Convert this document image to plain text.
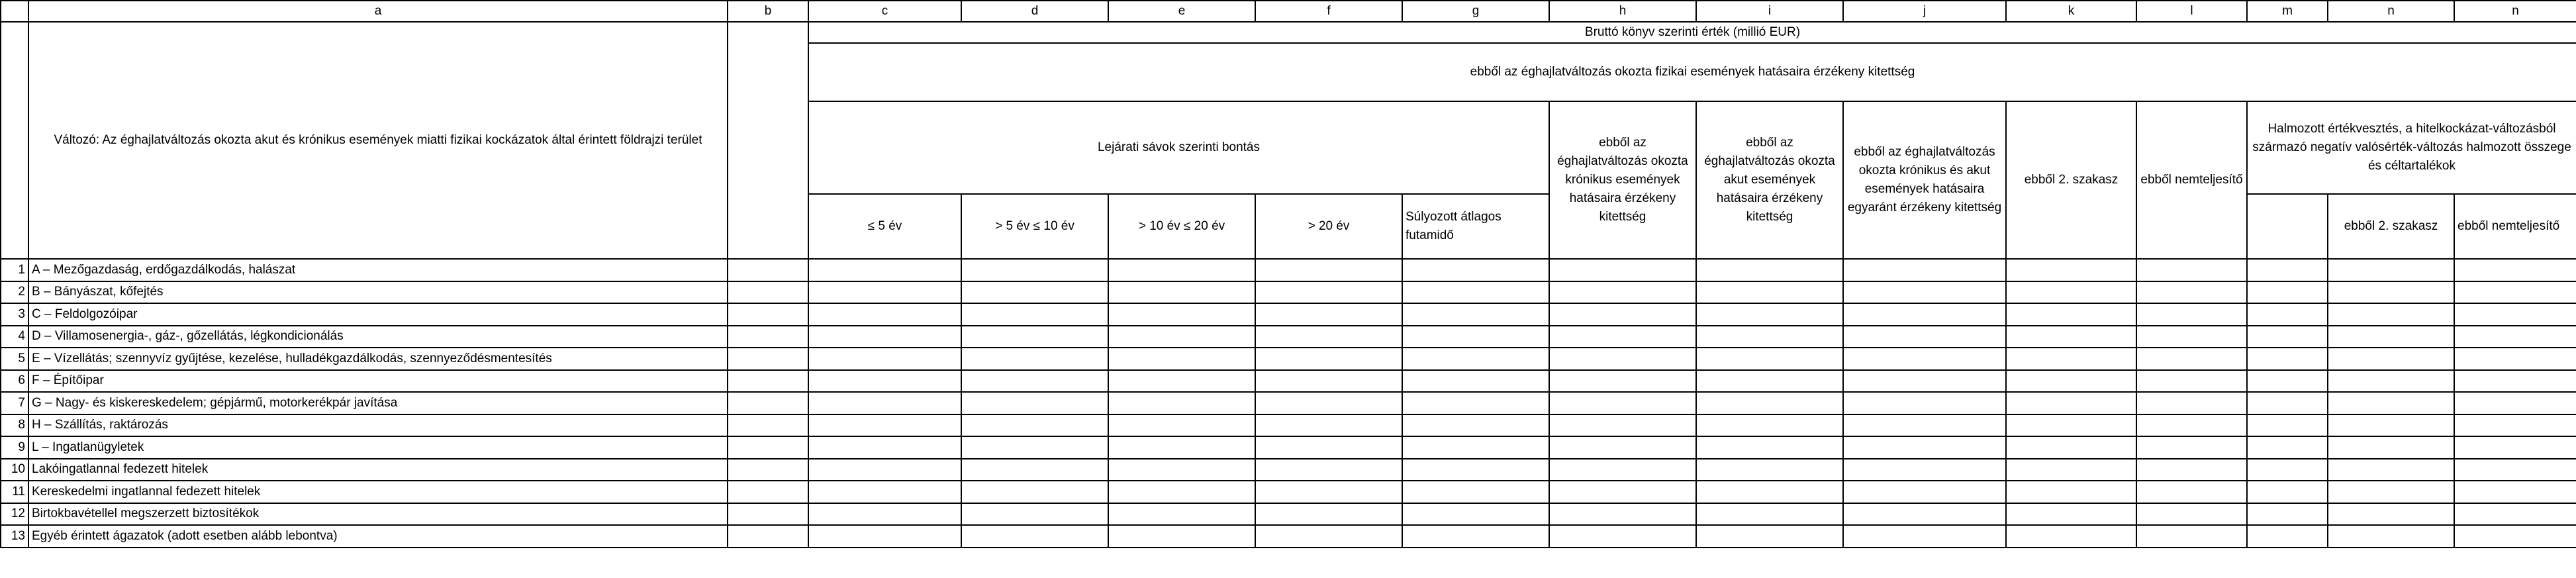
	a	b	c	d	e	f	g	h	i	j	k	l	m	n	n
	Változó: Az éghajlatváltozás okozta akut és krónikus események miatti fizikai kockázatok által érintett földrajzi terület		Bruttó könyv szerinti érték (millió EUR)												
			ebből az éghajlatváltozás okozta fizikai események hatásaira érzékeny kitettség												
			Lejárati sávok szerinti bontás					ebből az éghajlatváltozás okozta krónikus események hatásaira érzékeny kitettség	ebből az éghajlatváltozás okozta akut események hatásaira érzékeny kitettség	ebből az éghajlatváltozás okozta krónikus és akut események hatásaira egyaránt érzékeny kitettség	ebből 2. szakasz	ebből nemteljesítő	Halmozott értékvesztés, a hitelkockázat-változásból származó negatív valósérték-változás halmozott összege és céltartalékok		
			≤ 5 év	> 5 év ≤ 10 év	> 10 év ≤ 20 év	> 20 év	Súlyozott átlagos futamidő								
														ebből 2. szakasz	ebből nemteljesítő
1	A – Mezőgazdaság, erdőgazdálkodás, halászat														
2	B – Bányászat, kőfejtés														
3	C – Feldolgozóipar														
4	D – Villamosenergia-, gáz-, gőzellátás, légkondicionálás														
5	E – Vízellátás; szennyvíz gyűjtése, kezelése, hulladékgazdálkodás, szennyeződésmentesítés														
6	F – Építőipar														
7	G – Nagy- és kiskereskedelem; gépjármű, motorkerékpár javítása														
8	H – Szállítás, raktározás														
9	L – Ingatlanügyletek														
10	Lakóingatlannal fedezett hitelek														
11	Kereskedelmi ingatlannal fedezett hitelek														
12	Birtokbavétellel megszerzett biztosítékok														
13	Egyéb érintett ágazatok (adott esetben alább lebontva)														
